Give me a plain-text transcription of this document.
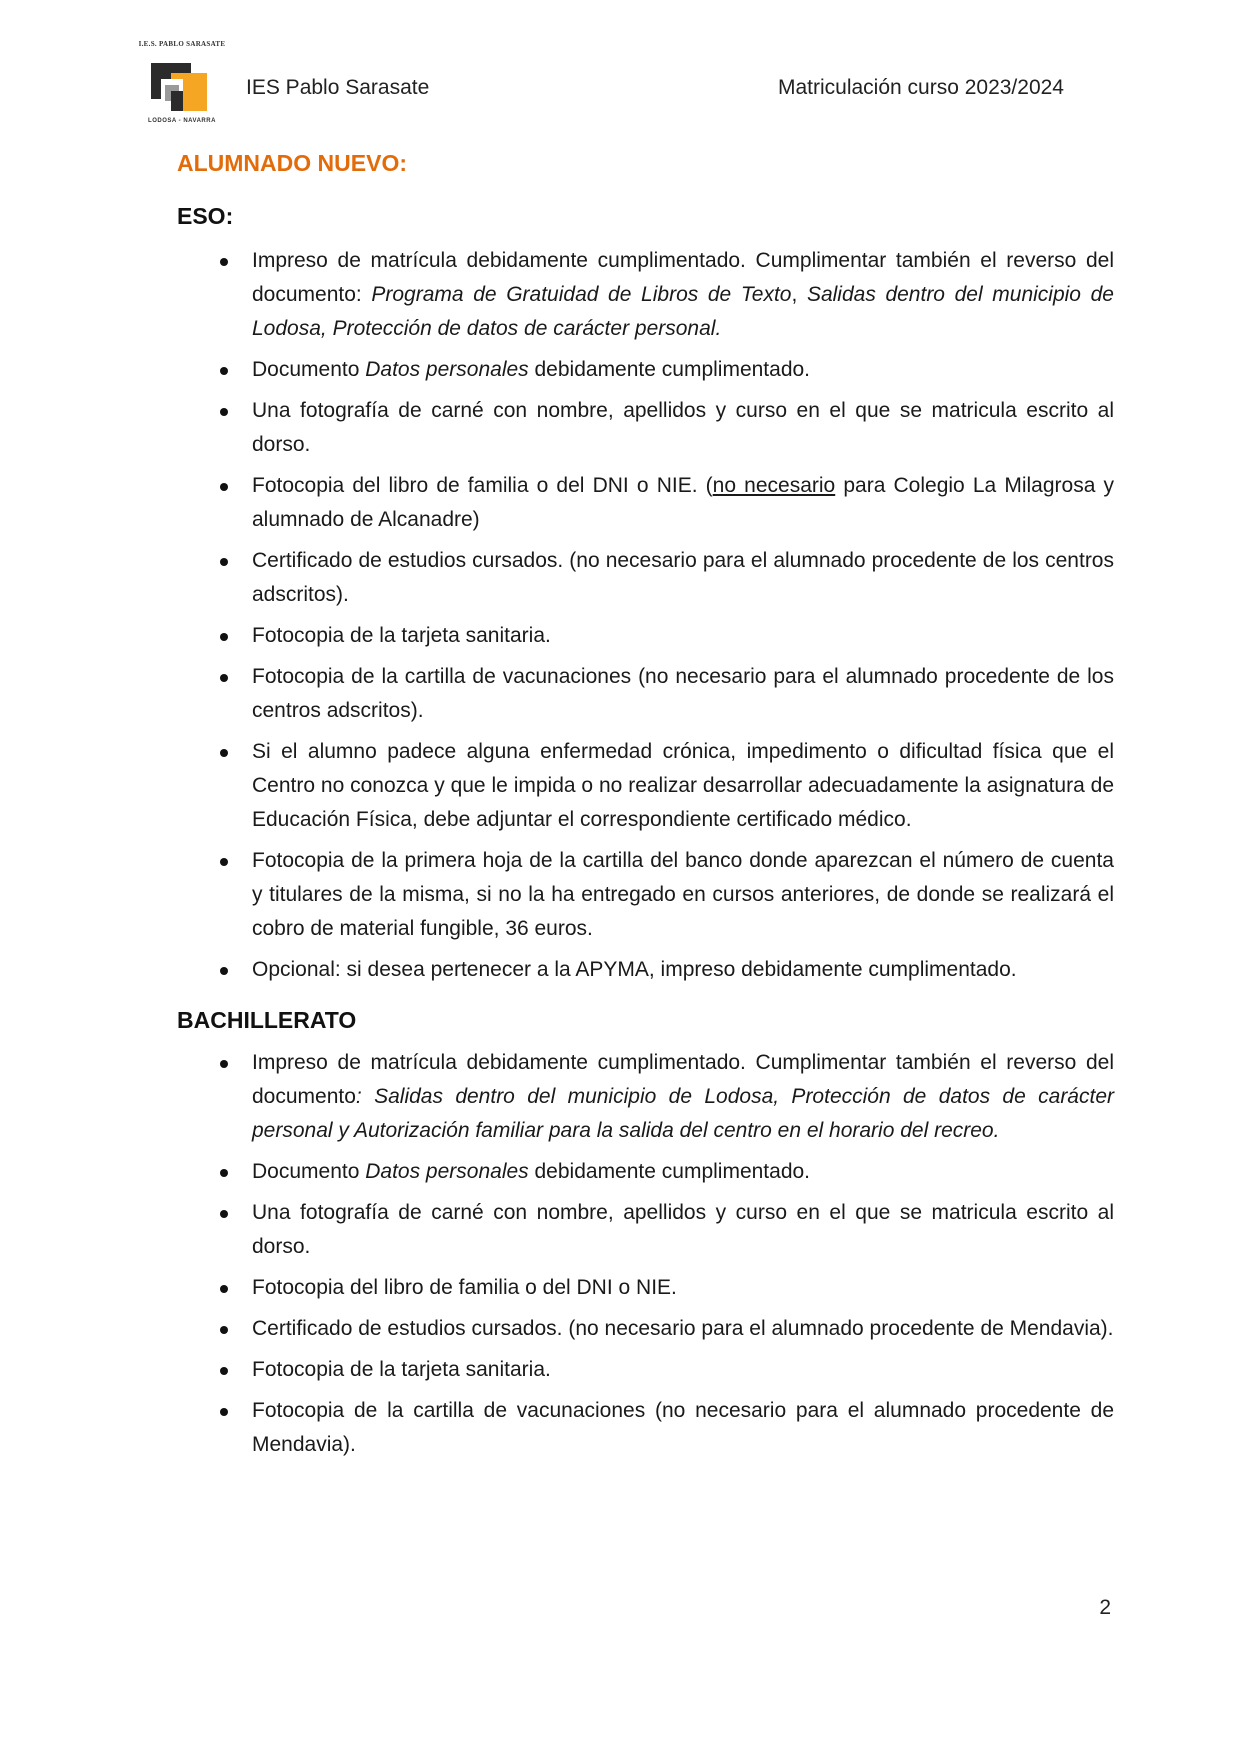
I.E.S. PABLO SARASATE
LODOSA - NAVARRA
IES Pablo Sarasate	Matriculación curso 2023/2024
ALUMNADO NUEVO:
ESO:
Impreso de matrícula debidamente cumplimentado. Cumplimentar también el reverso del documento: Programa de Gratuidad de Libros de Texto, Salidas dentro del municipio de Lodosa, Protección de datos de carácter personal.
Documento Datos personales debidamente cumplimentado.
Una fotografía de carné con nombre, apellidos y curso en el que se matricula escrito al dorso.
Fotocopia del libro de familia o del DNI o NIE. (no necesario para Colegio La Milagrosa y alumnado de Alcanadre)
Certificado de estudios cursados. (no necesario para el alumnado procedente de los centros adscritos).
Fotocopia de la tarjeta sanitaria.
Fotocopia de la cartilla de vacunaciones (no necesario para el alumnado procedente de los centros adscritos).
Si el alumno padece alguna enfermedad crónica, impedimento o dificultad física que el Centro no conozca y que le impida o no realizar desarrollar adecuadamente la asignatura de Educación Física, debe adjuntar el correspondiente certificado médico.
Fotocopia de la primera hoja de la cartilla del banco donde aparezcan el número de cuenta y titulares de la misma, si no la ha entregado en cursos anteriores, de donde se realizará el cobro de material fungible, 36 euros.
Opcional: si desea pertenecer a la APYMA, impreso debidamente cumplimentado.
BACHILLERATO
Impreso de matrícula debidamente cumplimentado. Cumplimentar también el reverso del documento: Salidas dentro del municipio de Lodosa, Protección de datos de carácter personal y Autorización familiar para la salida del centro en el horario del recreo.
Documento Datos personales debidamente cumplimentado.
Una fotografía de carné con nombre, apellidos y curso en el que se matricula escrito al dorso.
Fotocopia del libro de familia o del DNI o NIE.
Certificado de estudios cursados. (no necesario para el alumnado procedente de Mendavia).
Fotocopia de la tarjeta sanitaria.
Fotocopia de la cartilla de vacunaciones (no necesario para el alumnado procedente de Mendavia).
2
